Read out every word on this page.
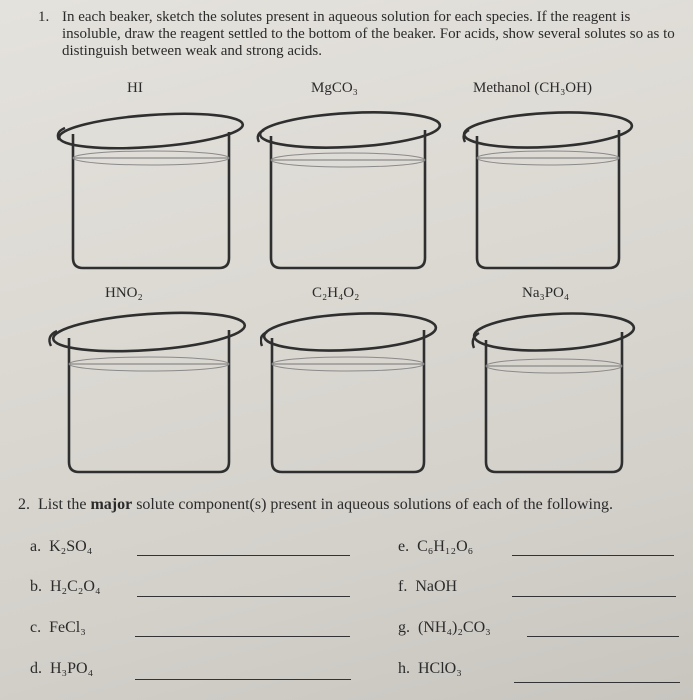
1. In each beaker, sketch the solutes present in aqueous solution for each species. If the reagent is insoluble, draw the reagent settled to the bottom of the beaker. For acids, show several solutes so as to distinguish between weak and strong acids.
HI	MgCO₃	Methanol (CH₃OH)
HNO₂	C₂H₄O₂	Na₃PO₄
2. List the major solute component(s) present in aqueous solutions of each of the following.
a. K₂SO₄
b. H₂C₂O₄
c. FeCl₃
d. H₃PO₄
e. C₆H₁₂O₆
f. NaOH
g. (NH₄)₂CO₃
h. HClO₃
